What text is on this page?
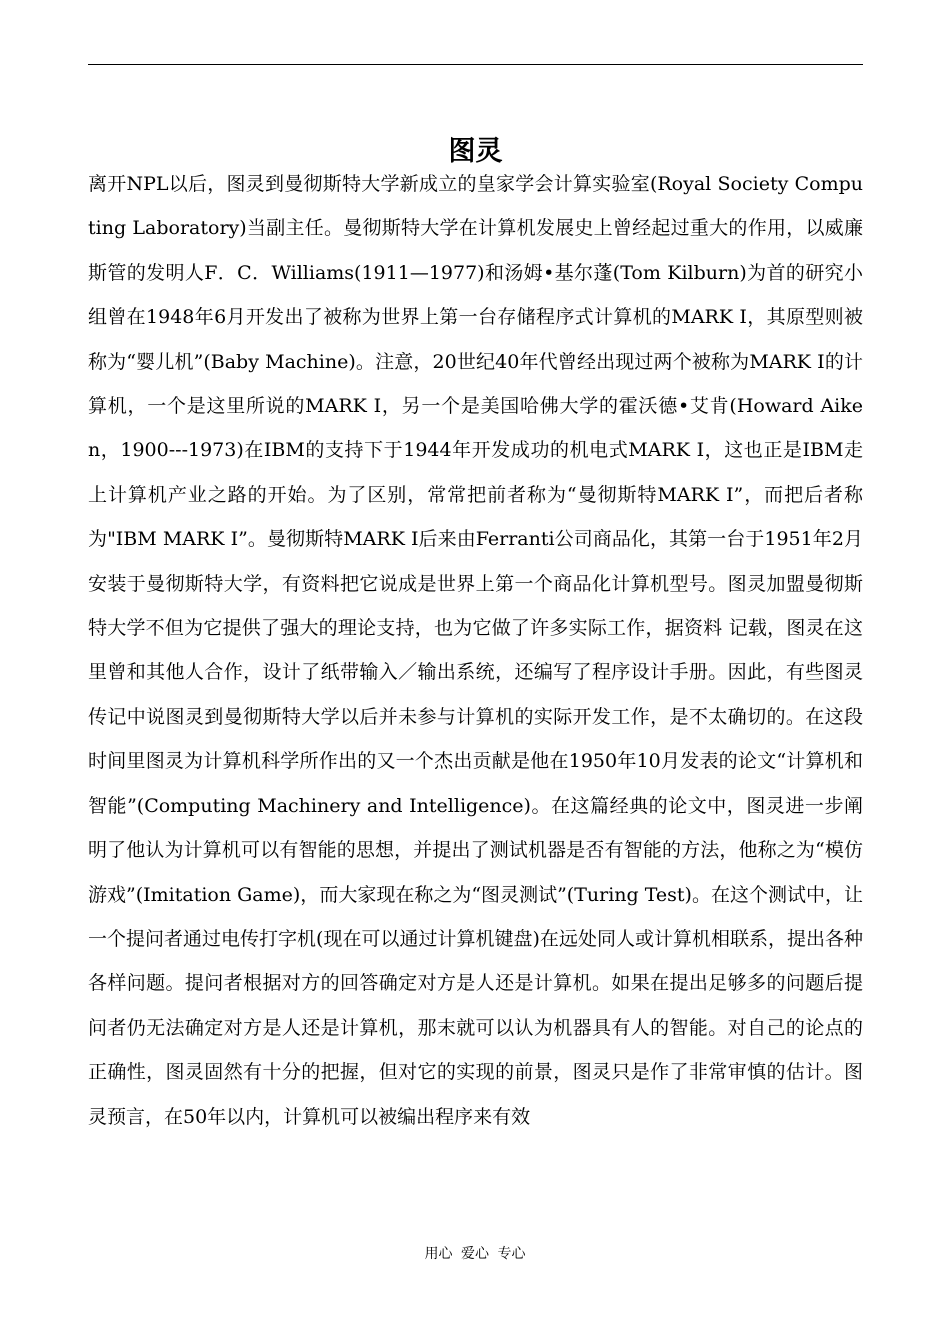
图灵

离开NPL以后，图灵到曼彻斯特大学新成立的皇家学会计算实验室(Royal Society Computing Laboratory)当副主任。曼彻斯特大学在计算机发展史上曾经起过重大的作用，以威廉斯管的发明人F．C．Williams(1911—1977)和汤姆•基尔蓬(Tom Kilburn)为首的研究小组曾在1948年6月开发出了被称为世界上第一台存储程序式计算机的MARK I，其原型则被称为“婴儿机”(Baby Machine)。注意，20世纪40年代曾经出现过两个被称为MARK I的计算机，一个是这里所说的MARK I，另一个是美国哈佛大学的霍沃德•艾肯(Howard Aiken，1900---1973)在IBM的支持下于1944年开发成功的机电式MARK I，这也正是IBM走上计算机产业之路的开始。为了区别，常常把前者称为“曼彻斯特MARK I”，而把后者称为"IBM MARK I”。曼彻斯特MARK I后来由Ferranti公司商品化，其第一台于1951年2月安装于曼彻斯特大学，有资料把它说成是世界上第一个商品化计算机型号。图灵加盟曼彻斯特大学不但为它提供了强大的理论支持，也为它做了许多实际工作，据资料 记载，图灵在这里曾和其他人合作，设计了纸带输入／输出系统，还编写了程序设计手册。因此，有些图灵传记中说图灵到曼彻斯特大学以后并未参与计算机的实际开发工作，是不太确切的。在这段时间里图灵为计算机科学所作出的又一个杰出贡献是他在1950年10月发表的论文“计算机和智能”(Computing Machinery and Intelligence)。在这篇经典的论文中，图灵进一步阐明了他认为计算机可以有智能的思想，并提出了测试机器是否有智能的方法，他称之为“模仿游戏”(Imitation Game)，而大家现在称之为“图灵测试”(Turing Test)。在这个测试中，让一个提问者通过电传打字机(现在可以通过计算机键盘)在远处同人或计算机相联系，提出各种各样问题。提问者根据对方的回答确定对方是人还是计算机。如果在提出足够多的问题后提问者仍无法确定对方是人还是计算机，那末就可以认为机器具有人的智能。对自己的论点的正确性，图灵固然有十分的把握，但对它的实现的前景，图灵只是作了非常审慎的估计。图灵预言，在50年以内，计算机可以被编出程序来有效

用心 爱心 专心
